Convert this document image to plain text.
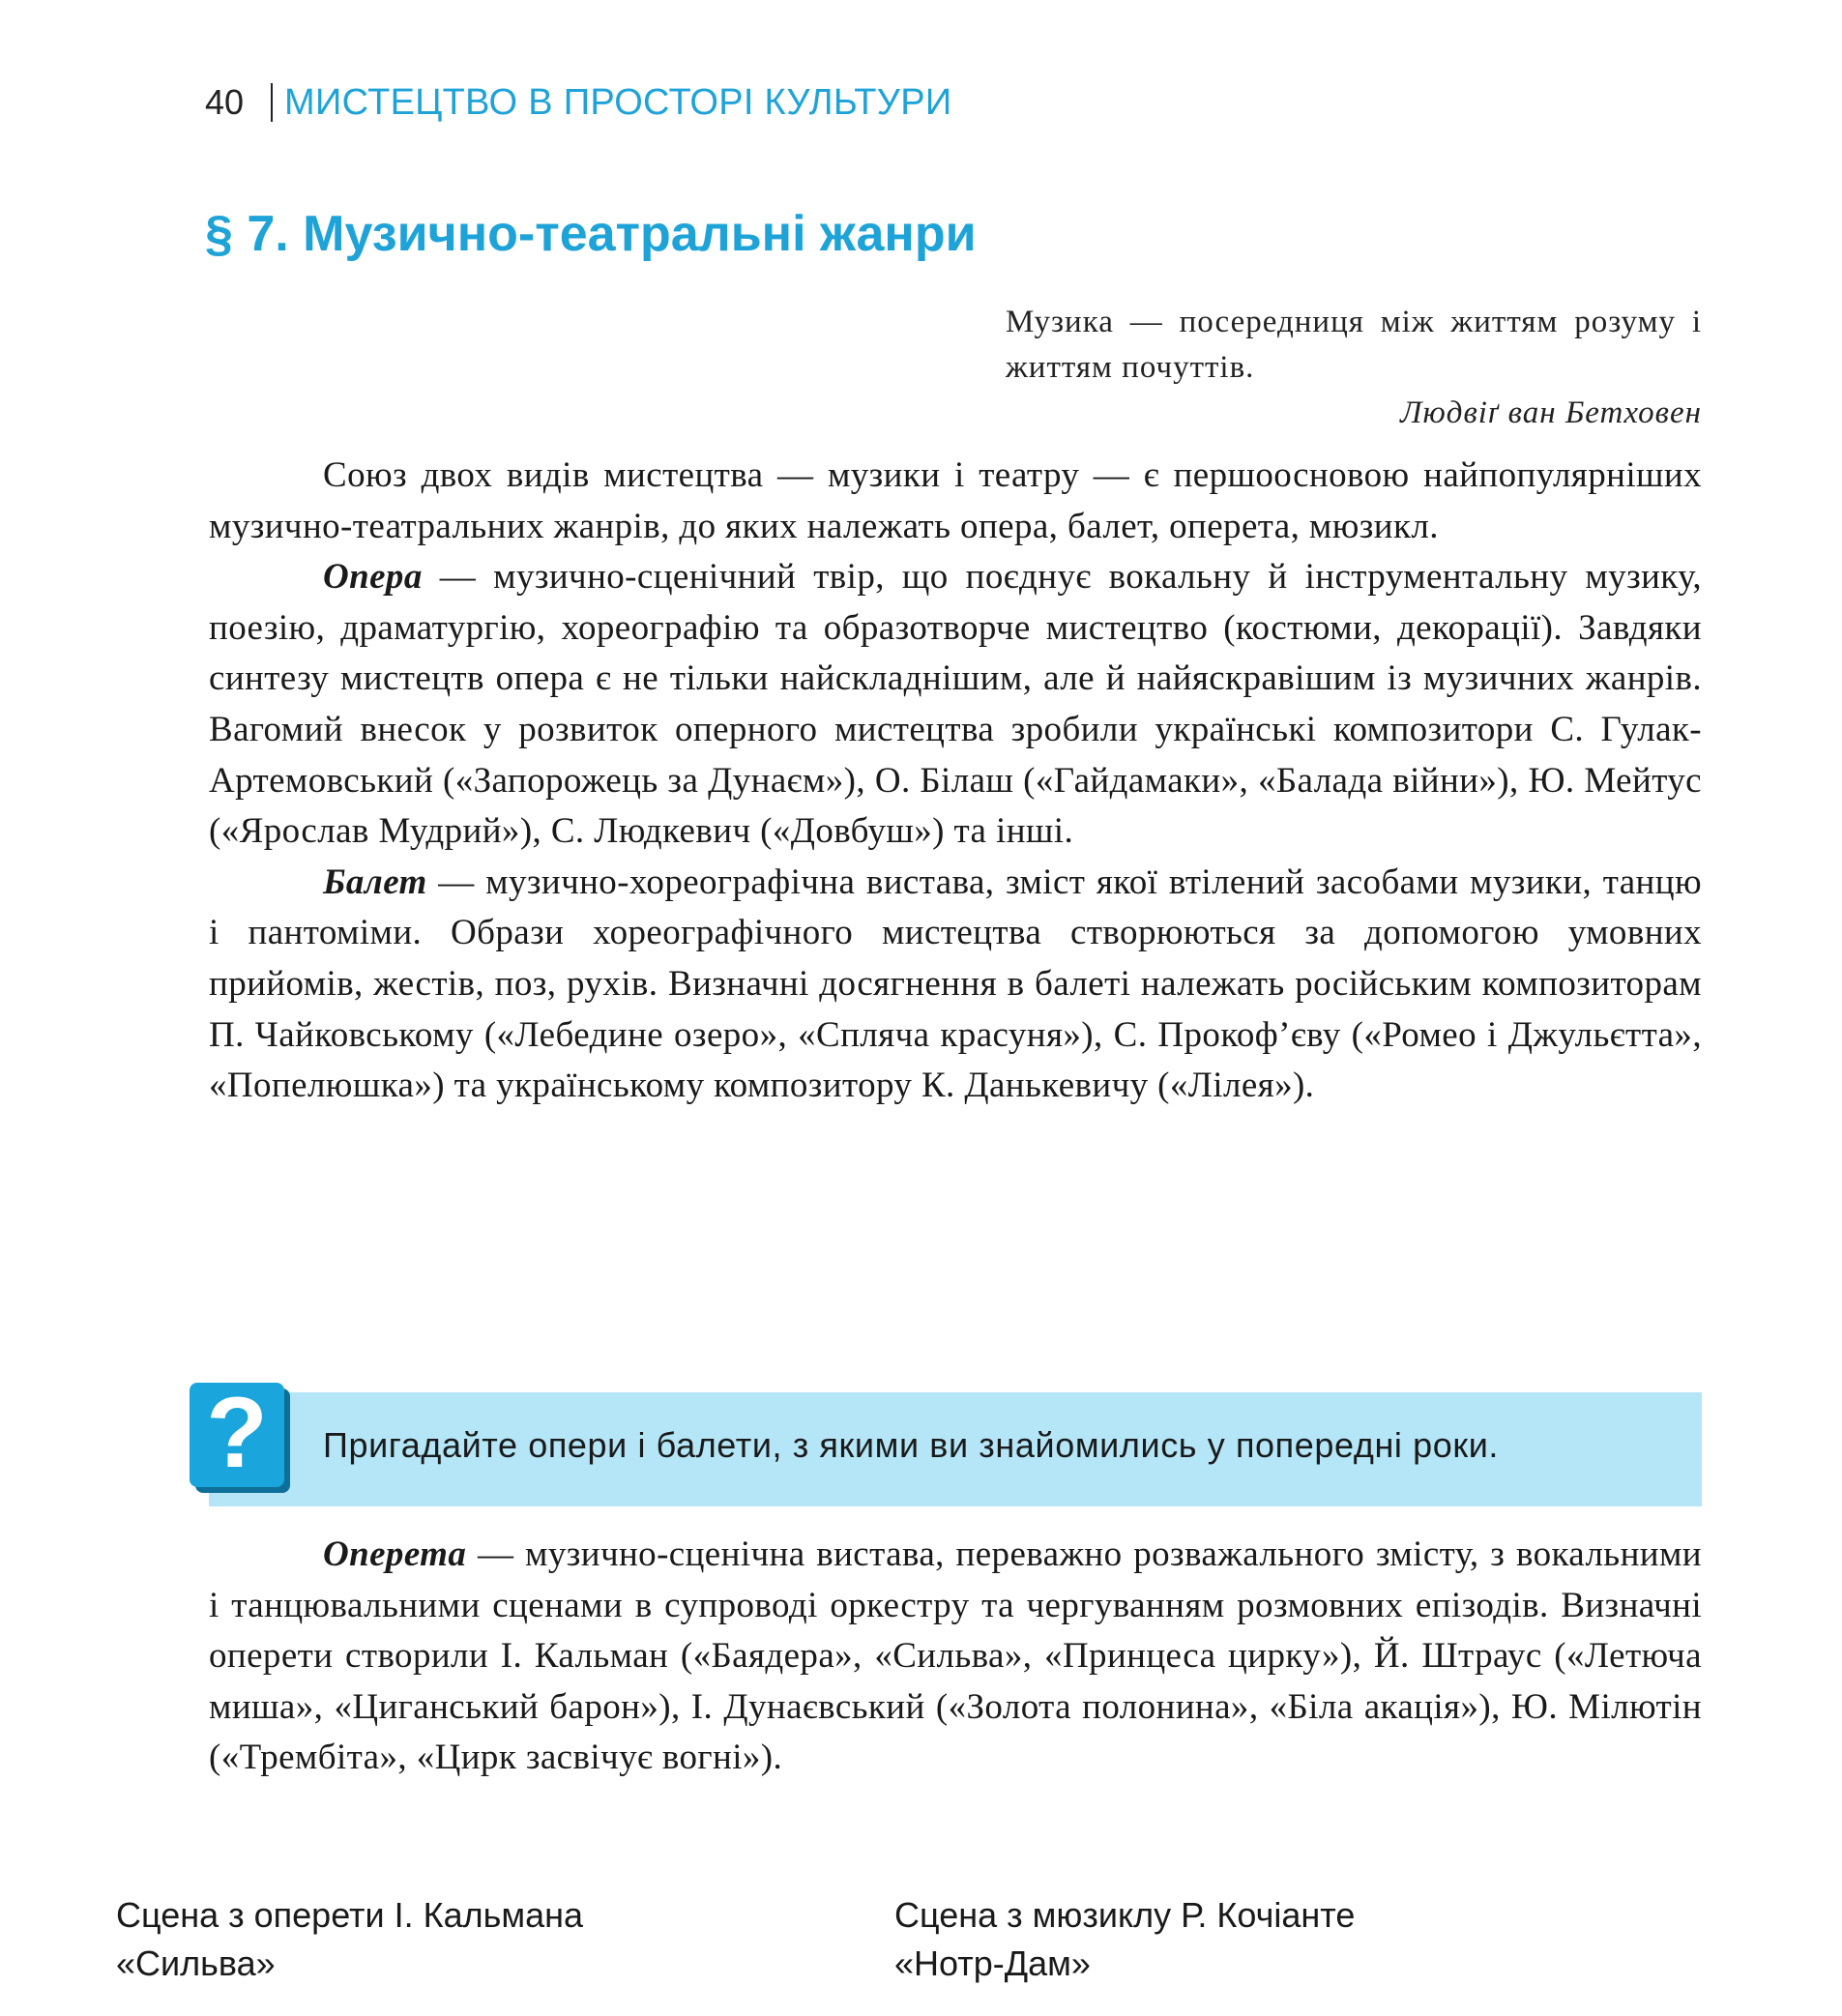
40 МИСТЕЦТВО В ПРОСТОРІ КУЛЬТУРИ
§ 7. Музично-театральні жанри
Музика — посередниця між життям розуму і життям почуттів.
Людвіґ ван Бетховен

Союз двох видів мистецтва — музики і театру — є першоосновою найпопулярніших музично-театральних жанрів, до яких належать опера, балет, оперета, мюзикл.

Опера — музично-сценічний твір, що поєднує вокальну й інструментальну музику, поезію, драматургію, хореографію та образотворче мистецтво (костюми, декорації). Завдяки синтезу мистецтв опера є не тільки найскладнішим, але й найяскравішим із музичних жанрів. Вагомий внесок у розвиток оперного мистецтва зробили українські композитори С. Гулак-Артемовський («Запорожець за Дунаєм»), О. Білаш («Гайдамаки», «Балада війни»), Ю. Мейтус («Ярослав Мудрий»), С. Людкевич («Довбуш») та інші.

Балет — музично-хореографічна вистава, зміст якої втілений засобами музики, танцю і пантоміми. Образи хореографічного мистецтва створюються за допомогою умовних прийомів, жестів, поз, рухів. Визначні досягнення в балеті належать російським композиторам П. Чайковському («Лебедине озеро», «Спляча красуня»), С. Прокоф’єву («Ромео і Джульєтта», «Попелюшка») та українському композитору К. Данькевичу («Лілея»).

?	Пригадайте опери і балети, з якими ви знайомились у попередні роки.

Оперета — музично-сценічна вистава, переважно розважального змісту, з вокальними і танцювальними сценами в супроводі оркестру та чергуванням розмовних епізодів. Визначні оперети створили І. Кальман («Баядера», «Сильва», «Принцеса цирку»), Й. Штраус («Летюча миша», «Циганський барон»), І. Дунаєвський («Золота полонина», «Біла акація»), Ю. Мілютін («Трембіта», «Цирк засвічує вогні»).

Сцена з оперети І. Кальмана
«Сильва»
Сцена з мюзиклу Р. Кочіанте
«Нотр-Дам»
